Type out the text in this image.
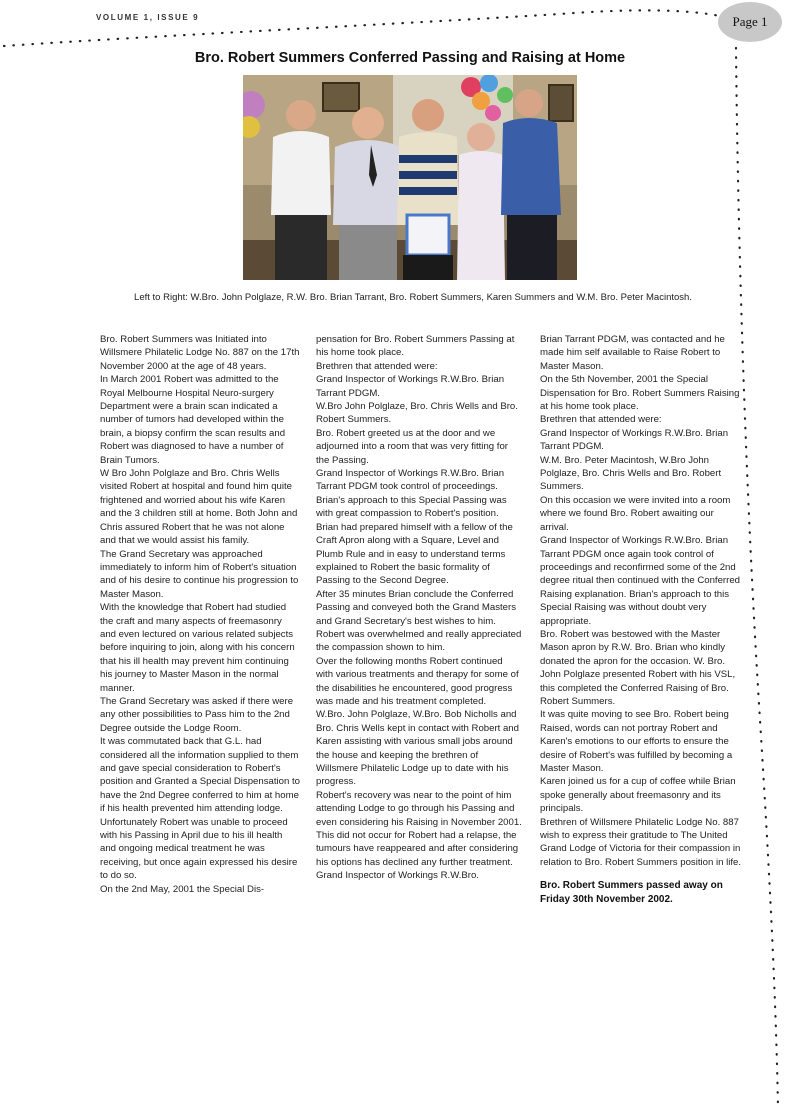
VOLUME 1, ISSUE 9	Page 1
Bro. Robert Summers Conferred Passing and Raising at Home
Left to Right: W.Bro. John Polglaze, R.W. Bro. Brian Tarrant, Bro. Robert Summers, Karen Summers and W.M. Bro. Peter Macintosh.

Bro. Robert Summers was Initiated into Willsmere Philatelic Lodge No. 887 on the 17th November 2000 at the age of 48 years.

In March 2001 Robert was admitted to the Royal Melbourne Hospital Neuro-surgery Department were a brain scan indicated a number of tumors had developed within the brain, a biopsy confirm the scan results and Robert was diagnosed to have a number of Brain Tumors.

W Bro John Polglaze and Bro. Chris Wells visited Robert at hospital and found him quite frightened and worried about his wife Karen and the 3 children still at home. Both John and Chris assured Robert that he was not alone and that we would assist his family.

The Grand Secretary was approached immediately to inform him of Robert's situation and of his desire to continue his progression to Master Mason.

With the knowledge that Robert had studied the craft and many aspects of freemasonry and even lectured on various related subjects before inquiring to join, along with his concern that his ill health may prevent him continuing his journey to Master Mason in the normal manner.

The Grand Secretary was asked if there were any other possibilities to Pass him to the 2nd Degree outside the Lodge Room.

It was commutated back that G.L. had considered all the information supplied to them and gave special consideration to Robert's position and Granted a Special Dispensation to have the 2nd Degree conferred to him at home if his health prevented him attending lodge.

Unfortunately Robert was unable to proceed with his Passing in April due to his ill health and ongoing medical treatment he was receiving, but once again expressed his desire to do so.

On the 2nd May, 2001 the Special Dis-

pensation for Bro. Robert Summers Passing at his home took place.

Brethren that attended were:

Grand Inspector of Workings R.W.Bro. Brian Tarrant PDGM.

W.Bro John Polglaze, Bro. Chris Wells and Bro. Robert Summers.

Bro. Robert greeted us at the door and we adjourned into a room that was very fitting for the Passing.

Grand Inspector of Workings R.W.Bro. Brian Tarrant PDGM took control of proceedings. Brian's approach to this Special Passing was with great compassion to Robert's position.

Brian had prepared himself with a fellow of the Craft Apron along with a Square, Level and Plumb Rule and in easy to understand terms explained to Robert the basic formality of Passing to the Second Degree.

After 35 minutes Brian conclude the Conferred Passing and conveyed both the Grand Masters and Grand Secretary's best wishes to him. Robert was overwhelmed and really appreciated the compassion shown to him.

Over the following months Robert continued with various treatments and therapy for some of the disabilities he encountered, good progress was made and his treatment completed.

W.Bro. John Polglaze, W.Bro. Bob Nicholls and Bro. Chris Wells kept in contact with Robert and Karen assisting with various small jobs around the house and keeping the brethren of Willsmere Philatelic Lodge up to date with his progress.

Robert's recovery was near to the point of him attending Lodge to go through his Passing and even considering his Raising in November 2001.

This did not occur for Robert had a relapse, the tumours have reappeared and after considering his options has declined any further treatment.

Grand Inspector of Workings R.W.Bro.

Brian Tarrant PDGM, was contacted and he made him self available to Raise Robert to Master Mason.

On the 5th November, 2001 the Special Dispensation for Bro. Robert Summers Raising at his home took place.

Brethren that attended were:

Grand Inspector of Workings R.W.Bro. Brian Tarrant PDGM.

W.M. Bro. Peter Macintosh, W.Bro John Polglaze, Bro. Chris Wells and Bro. Robert Summers.

On this occasion we were invited into a room where we found Bro. Robert awaiting our arrival.

Grand Inspector of Workings R.W.Bro. Brian Tarrant PDGM once again took control of proceedings and reconfirmed some of the 2nd degree ritual then continued with the Conferred Raising explanation. Brian's approach to this Special Raising was without doubt very appropriate.

Bro. Robert was bestowed with the Master Mason apron by R.W. Bro. Brian who kindly donated the apron for the occasion. W. Bro. John Polglaze presented Robert with his VSL, this completed the Conferred Raising of Bro. Robert Summers.

It was quite moving to see Bro. Robert being Raised, words can not portray Robert and Karen's emotions to our efforts to ensure the desire of Robert's was fulfilled by becoming a Master Mason.

Karen joined us for a cup of coffee while Brian spoke generally about freemasonry and its principals.

Brethren of Willsmere Philatelic Lodge No. 887 wish to express their gratitude to The United Grand Lodge of Victoria for their compassion in relation to Bro. Robert Summers position in life.

Bro. Robert Summers passed away on Friday 30th November 2002.
